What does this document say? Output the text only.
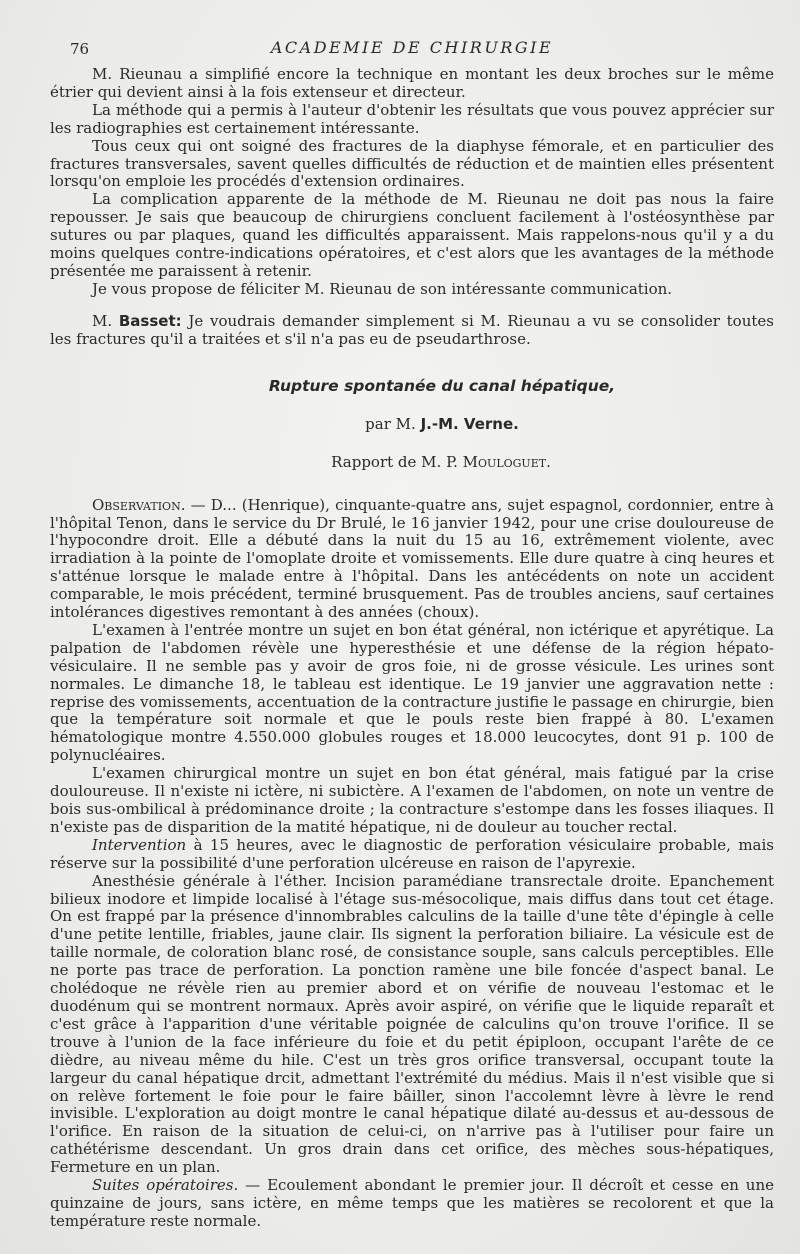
76	ACADEMIE DE CHIRURGIE

M. Rieunau a simplifié encore la technique en montant les deux broches sur le même étrier qui devient ainsi à la fois extenseur et directeur.

La méthode qui a permis à l'auteur d'obtenir les résultats que vous pouvez apprécier sur les radiographies est certainement intéressante.

Tous ceux qui ont soigné des fractures de la diaphyse fémorale, et en particulier des fractures transversales, savent quelles difficultés de réduction et de maintien elles présentent lorsqu'on emploie les procédés d'extension ordinaires.

La complication apparente de la méthode de M. Rieunau ne doit pas nous la faire repousser. Je sais que beaucoup de chirurgiens concluent facilement à l'ostéosynthèse par sutures ou par plaques, quand les difficultés apparaissent. Mais rappelons-nous qu'il y a du moins quelques contre-indications opératoires, et c'est alors que les avantages de la méthode présentée me paraissent à retenir.

Je vous propose de féliciter M. Rieunau de son intéressante communication.

M. Basset: Je voudrais demander simplement si M. Rieunau a vu se consolider toutes les fractures qu'il a traitées et s'il n'a pas eu de pseudarthrose.

Rupture spontanée du canal hépatique,
par M. J.-M. Verne.
Rapport de M. P. Mouloguet.

Observation. — D... (Henrique), cinquante-quatre ans, sujet espagnol, cordonnier, entre à l'hôpital Tenon, dans le service du Dr Brulé, le 16 janvier 1942, pour une crise douloureuse de l'hypocondre droit. Elle a débuté dans la nuit du 15 au 16, extrêmement violente, avec irradiation à la pointe de l'omoplate droite et vomissements. Elle dure quatre à cinq heures et s'atténue lorsque le malade entre à l'hôpital. Dans les antécédents on note un accident comparable, le mois précédent, terminé brusquement. Pas de troubles anciens, sauf certaines intolérances digestives remontant à des années (choux).

L'examen à l'entrée montre un sujet en bon état général, non ictérique et apyrétique. La palpation de l'abdomen révèle une hyperesthésie et une défense de la région hépato-vésiculaire. Il ne semble pas y avoir de gros foie, ni de grosse vésicule. Les urines sont normales. Le dimanche 18, le tableau est identique. Le 19 janvier une aggravation nette : reprise des vomissements, accentuation de la contracture justifie le passage en chirurgie, bien que la température soit normale et que le pouls reste bien frappé à 80. L'examen hématologique montre 4.550.000 globules rouges et 18.000 leucocytes, dont 91 p. 100 de polynucléaires.

L'examen chirurgical montre un sujet en bon état général, mais fatigué par la crise douloureuse. Il n'existe ni ictère, ni subictère. A l'examen de l'abdomen, on note un ventre de bois sus-ombilical à prédominance droite ; la contracture s'estompe dans les fosses iliaques. Il n'existe pas de disparition de la matité hépatique, ni de douleur au toucher rectal.

Intervention à 15 heures, avec le diagnostic de perforation vésiculaire probable, mais réserve sur la possibilité d'une perforation ulcéreuse en raison de l'apyrexie.

Anesthésie générale à l'éther. Incision paramédiane transrectale droite. Epanchement bilieux inodore et limpide localisé à l'étage sus-mésocolique, mais diffus dans tout cet étage. On est frappé par la présence d'innombrables calculins de la taille d'une tête d'épingle à celle d'une petite lentille, friables, jaune clair. Ils signent la perforation biliaire. La vésicule est de taille normale, de coloration blanc rosé, de consistance souple, sans calculs perceptibles. Elle ne porte pas trace de perforation. La ponction ramène une bile foncée d'aspect banal. Le cholédoque ne révèle rien au premier abord et on vérifie de nouveau l'estomac et le duodénum qui se montrent normaux. Après avoir aspiré, on vérifie que le liquide reparaît et c'est grâce à l'apparition d'une véritable poignée de calculins qu'on trouve l'orifice. Il se trouve à l'union de la face inférieure du foie et du petit épiploon, occupant l'arête de ce dièdre, au niveau même du hile. C'est un très gros orifice transversal, occupant toute la largeur du canal hépatique drcit, admettant l'extrémité du médius. Mais il n'est visible que si on relève fortement le foie pour le faire bâiller, sinon l'accolemnt lèvre à lèvre le rend invisible. L'exploration au doigt montre le canal hépatique dilaté au-dessus et au-dessous de l'orifice. En raison de la situation de celui-ci, on n'arrive pas à l'utiliser pour faire un cathétérisme descendant. Un gros drain dans cet orifice, des mèches sous-hépatiques, Fermeture en un plan.

Suites opératoires. — Ecoulement abondant le premier jour. Il décroît et cesse en une quinzaine de jours, sans ictère, en même temps que les matières se recolorent et que la température reste normale.
